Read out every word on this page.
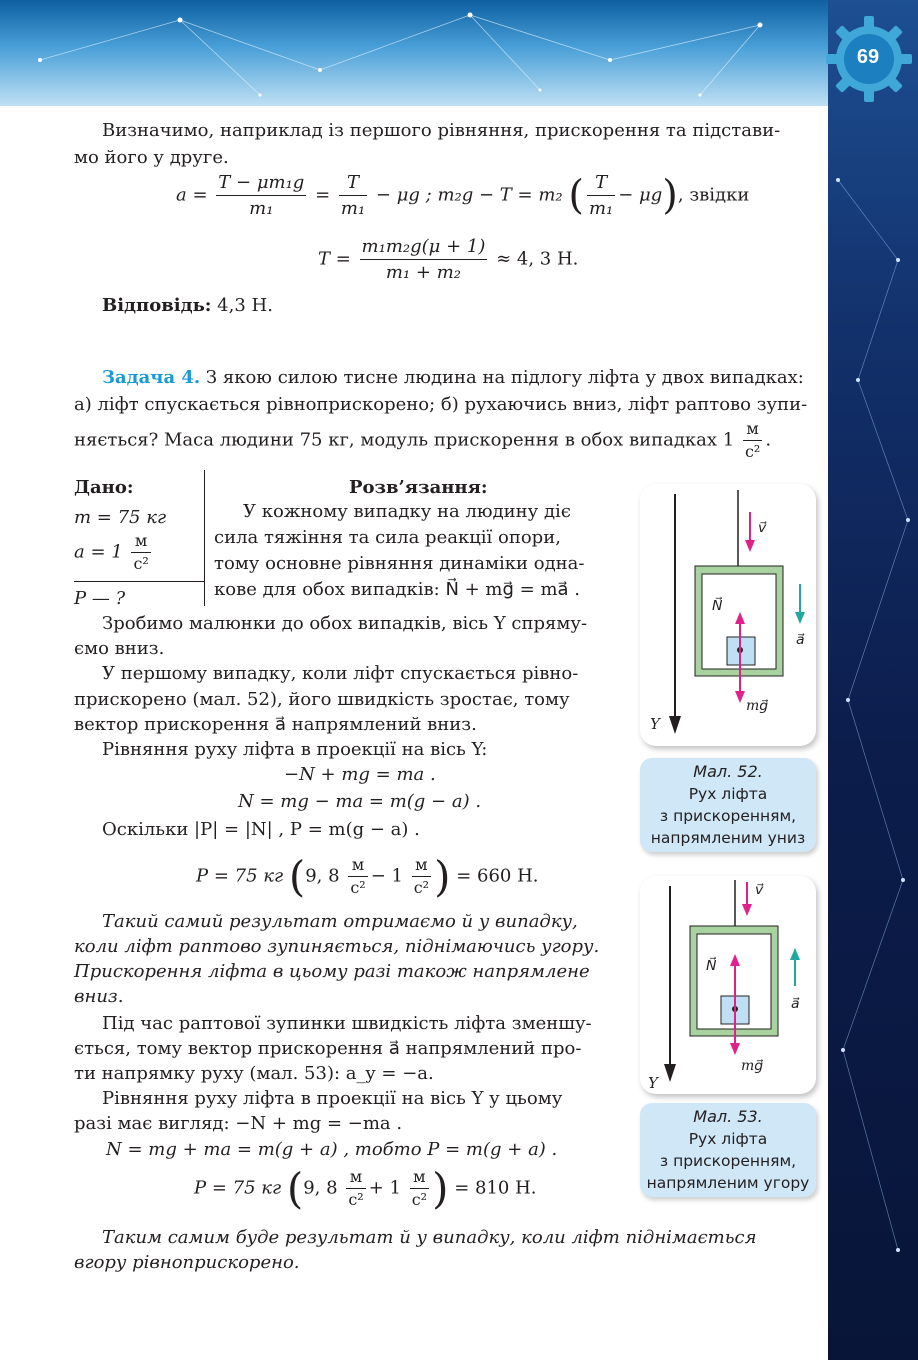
69
Визначимо, наприклад із першого рівняння, прискорення та підстави-
мо його у друге.
$a = \frac{\text{T − μm₁g}}{\text{m₁}} = \frac{T}{\text{m₁}} - \mu g$ ; m₂g − T = m₂ ( $\frac{T}{\text{m₁}} - \mu g$), звідки
$T = \frac{\text{m₁m₂g(μ + 1)}}{\text{m₁ + m₂}} \approx 4$, 3 Н.
Відповідь: 4,3 Н.
Задача 4. З якою силою тисне людина на підлогу ліфта у двох випадках:
а) ліфт спускається рівноприскорено; б) рухаючись вниз, ліфт раптово зупи-
няється? Маса людини 75 кг, модуль прискорення в обох випадках $1 \frac{м}{\text{с²}}$ .
Дано:
m = 75 кг
$a = 1 \frac{м}{\text{с²}}$
P — ?
Розв’язання:
У кожному випадку на людину діє
сила тяжіння та сила реакції опори,
тому основне рівняння динаміки одна-
кове для обох випадків: N⃗ + mg⃗ = ma⃗ .
Зробимо малюнки до обох випадків, вісь Y спряму-
ємо вниз.
У першому випадку, коли ліфт спускається рівно-
прискорено (мал. 52), його швидкість зростає, тому
вектор прискорення a⃗ напрямлений вниз.
Рівняння руху ліфта в проекції на вісь Y:
−N + mg = ma .
N = mg − ma = m(g − a) .
Оскільки |P| = |N| , P = m(g − a) .
P = 75 кг (9, $8 \frac{м}{\text{с²}} - 1 \frac{м}{\text{с²}}$ ) = 660 Н.
Такий самий результат отримаємо й у випадку,
коли ліфт раптово зупиняється, піднімаючись угору.
Прискорення ліфта в цьому разі також напрямлене
вниз.
Під час раптової зупинки швидкість ліфта зменшу-
ється, тому вектор прискорення a⃗ напрямлений про-
ти напрямку руху (мал. 53): a_y = −a.
Рівняння руху ліфта в проекції на вісь Y у цьому
разі має вигляд: −N + mg = −ma .
N = mg + ma = m(g + a) , тобто P = m(g + a) .
P = 75 кг (9, $8 \frac{м}{\text{с²}} + 1 \frac{м}{\text{с²}}$ ) = 810 Н.
Таким самим буде результат й у випадку, коли ліфт піднімається
вгору рівноприскорено.
Y
v⃗
N⃗
mg⃗
a⃗
Мал. 52.
Рух ліфта
з прискоренням,
напрямленим униз
Y
v⃗
N⃗
mg⃗
a⃗
Мал. 53.
Рух ліфта
з прискоренням,
напрямленим угору
